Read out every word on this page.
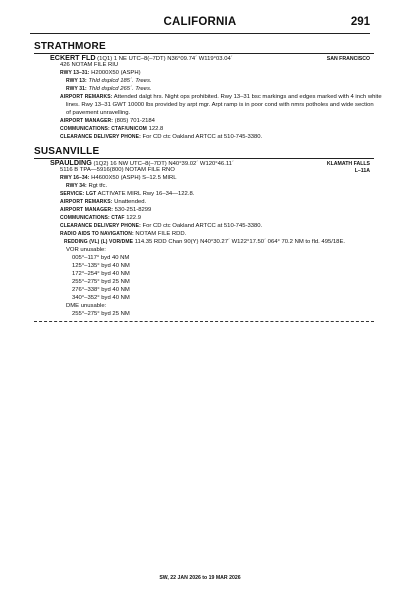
CALIFORNIA	291
STRATHMORE
ECKERT FLD (1Q1) 1 NE UTC–8(–7DT) N36°09.74´ W119°03.04´	SAN FRANCISCO
426 NOTAM FILE RIU
RWY 13–31: H2000X50 (ASPH)
RWY 13: Thld dsplcd 185´. Trees.
RWY 31: Thld dsplcd 265´. Trees.
AIRPORT REMARKS: Attended dalgt hrs. Night ops prohibited. Rwy 13–31 bsc markings and edges marked with 4 inch white
lines. Rwy 13–31 GWT 10000 lbs provided by arpt mgr. Arpt ramp is in poor cond with nmrs potholes and wide section
of pavement unravelling.
AIRPORT MANAGER: (805) 701-2184
COMMUNICATIONS: CTAF/UNICOM 122.8
CLEARANCE DELIVERY PHONE: For CD ctc Oakland ARTCC at 510-745-3380.
SUSANVILLE
SPAULDING (1Q2) 16 NW UTC–8(–7DT) N40°39.02´ W120°46.11´	KLAMATH FALLS
L–11A
5116 B TPA—5916(800) NOTAM FILE RNO
RWY 16–34: H4600X50 (ASPH) S–12.5 MIRL
RWY 34: Rgt tfc.
SERVICE: LGT ACTIVATE MIRL Rwy 16–34—122.8.
AIRPORT REMARKS: Unattended.
AIRPORT MANAGER: 530-251-8299
COMMUNICATIONS: CTAF 122.9
CLEARANCE DELIVERY PHONE: For CD ctc Oakland ARTCC at 510-745-3380.
RADIO AIDS TO NAVIGATION: NOTAM FILE RDD.
REDDING (VL) (L) VOR/DME 114.35 RDD Chan 90(Y) N40°30.27´ W122°17.50´ 064° 70.2 NM to fld. 495/18E.
VOR unusable:
005°–117° byd 40 NM
125°–135° byd 40 NM
172°–254° byd 40 NM
255°–275° byd 25 NM
276°–338° byd 40 NM
340°–352° byd 40 NM
DME unusable:
255°–275° byd 25 NM
SW, 22 JAN 2026 to 19 MAR 2026
